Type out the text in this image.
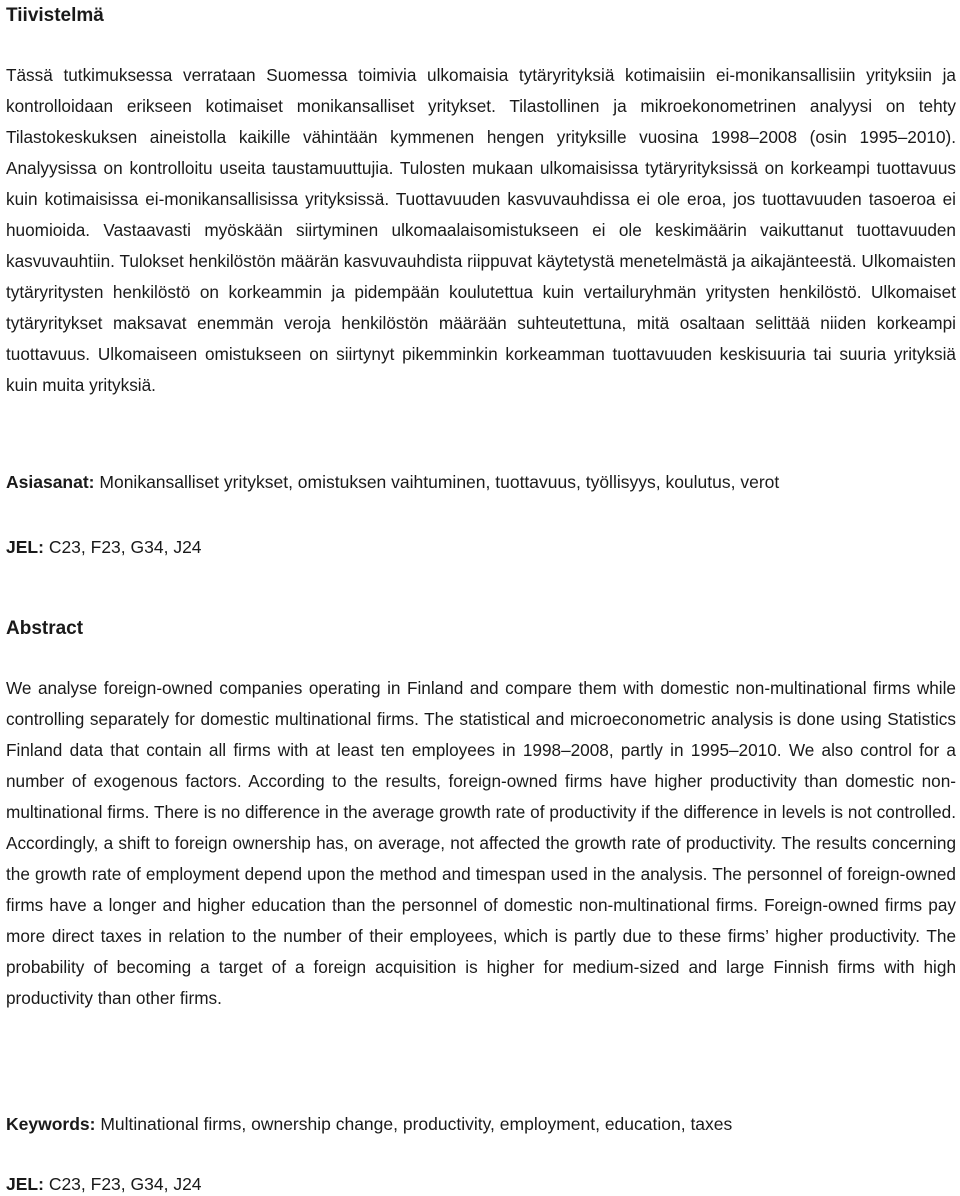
Tiivistelmä

Tässä tutkimuksessa verrataan Suomessa toimivia ulkomaisia tytäryrityksiä kotimaisiin ei-monikansallisiin yrityksiin ja kontrolloidaan erikseen kotimaiset monikansalliset yritykset. Tilastollinen ja mikroekonometrinen analyysi on tehty Tilastokeskuksen aineistolla kaikille vähintään kymmenen hengen yrityksille vuosina 1998–2008 (osin 1995–2010). Analyysissa on kontrolloitu useita taustamuuttujia. Tulosten mukaan ulkomaisissa tytäryrityksissä on korkeampi tuottavuus kuin kotimaisissa ei-monikansallisissa yrityksissä. Tuottavuuden kasvuvauhdissa ei ole eroa, jos tuottavuuden tasoeroa ei huomioida. Vastaavasti myöskään siirtyminen ulkomaalaisomistukseen ei ole keskimäärin vaikuttanut tuottavuuden kasvuvauhtiin. Tulokset henkilöstön määrän kasvuvauhdista riippuvat käytetystä menetelmästä ja aikajänteestä. Ulkomaisten tytäryritysten henkilöstö on korkeammin ja pidempään koulutettua kuin vertailuryhmän yritysten henkilöstö. Ulkomaiset tytäryritykset maksavat enemmän veroja henkilöstön määrään suhteutettuna, mitä osaltaan selittää niiden korkeampi tuottavuus. Ulkomaiseen omistukseen on siirtynyt pikemminkin korkeamman tuottavuuden keskisuuria tai suuria yrityksiä kuin muita yrityksiä.

Asiasanat: Monikansalliset yritykset, omistuksen vaihtuminen, tuottavuus, työllisyys, koulutus, verot

JEL: C23, F23, G34, J24

Abstract

We analyse foreign-owned companies operating in Finland and compare them with domestic non-multinational firms while controlling separately for domestic multinational firms. The statistical and microeconometric analysis is done using Statistics Finland data that contain all firms with at least ten employees in 1998–2008, partly in 1995–2010. We also control for a number of exogenous factors. According to the results, foreign-owned firms have higher productivity than domestic non-multinational firms. There is no difference in the average growth rate of productivity if the difference in levels is not controlled. Accordingly, a shift to foreign ownership has, on average, not affected the growth rate of productivity. The results concerning the growth rate of employment depend upon the method and timespan used in the analysis. The personnel of foreign-owned firms have a longer and higher education than the personnel of domestic non-multinational firms. Foreign-owned firms pay more direct taxes in relation to the number of their employees, which is partly due to these firms’ higher productivity. The probability of becoming a target of a foreign acquisition is higher for medium-sized and large Finnish firms with high productivity than other firms.

Keywords: Multinational firms, ownership change, productivity, employment, education, taxes

JEL: C23, F23, G34, J24
